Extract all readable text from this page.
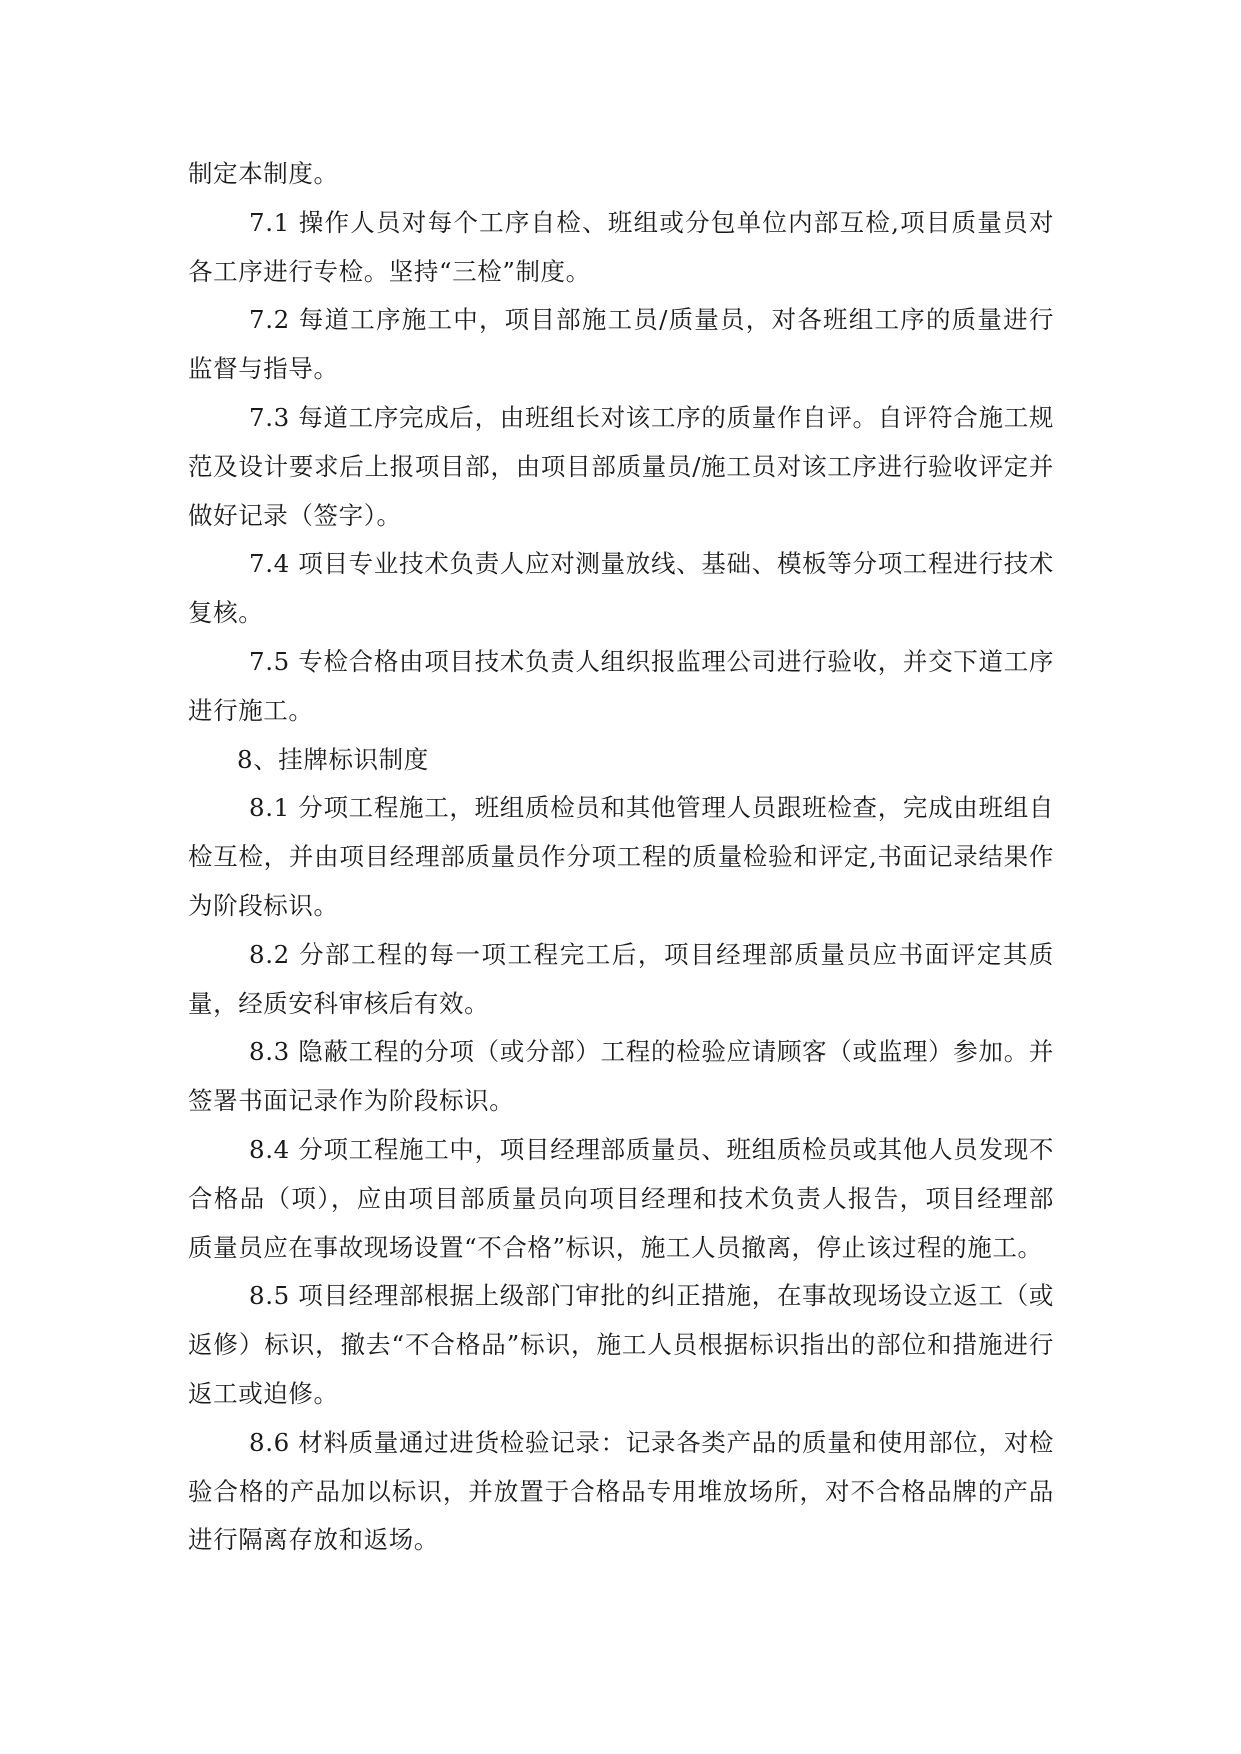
制定本制度。

7.1 操作人员对每个工序自检、班组或分包单位内部互检,项目质量员对各工序进行专检。坚持“三检”制度。

7.2 每道工序施工中，项目部施工员/质量员，对各班组工序的质量进行监督与指导。

7.3 每道工序完成后，由班组长对该工序的质量作自评。自评符合施工规范及设计要求后上报项目部，由项目部质量员/施工员对该工序进行验收评定并做好记录（签字）。

7.4 项目专业技术负责人应对测量放线、基础、模板等分项工程进行技术复核。

7.5 专检合格由项目技术负责人组织报监理公司进行验收，并交下道工序进行施工。

8、挂牌标识制度

8.1 分项工程施工，班组质检员和其他管理人员跟班检查，完成由班组自检互检，并由项目经理部质量员作分项工程的质量检验和评定,书面记录结果作为阶段标识。

8.2 分部工程的每一项工程完工后，项目经理部质量员应书面评定其质量，经质安科审核后有效。

8.3 隐蔽工程的分项（或分部）工程的检验应请顾客（或监理）参加。并签署书面记录作为阶段标识。

8.4 分项工程施工中，项目经理部质量员、班组质检员或其他人员发现不合格品（项），应由项目部质量员向项目经理和技术负责人报告，项目经理部质量员应在事故现场设置“不合格”标识，施工人员撤离，停止该过程的施工。

8.5 项目经理部根据上级部门审批的纠正措施，在事故现场设立返工（或返修）标识，撤去“不合格品”标识，施工人员根据标识指出的部位和措施进行返工或迫修。

8.6 材料质量通过进货检验记录：记录各类产品的质量和使用部位，对检验合格的产品加以标识，并放置于合格品专用堆放场所，对不合格品牌的产品进行隔离存放和返场。
